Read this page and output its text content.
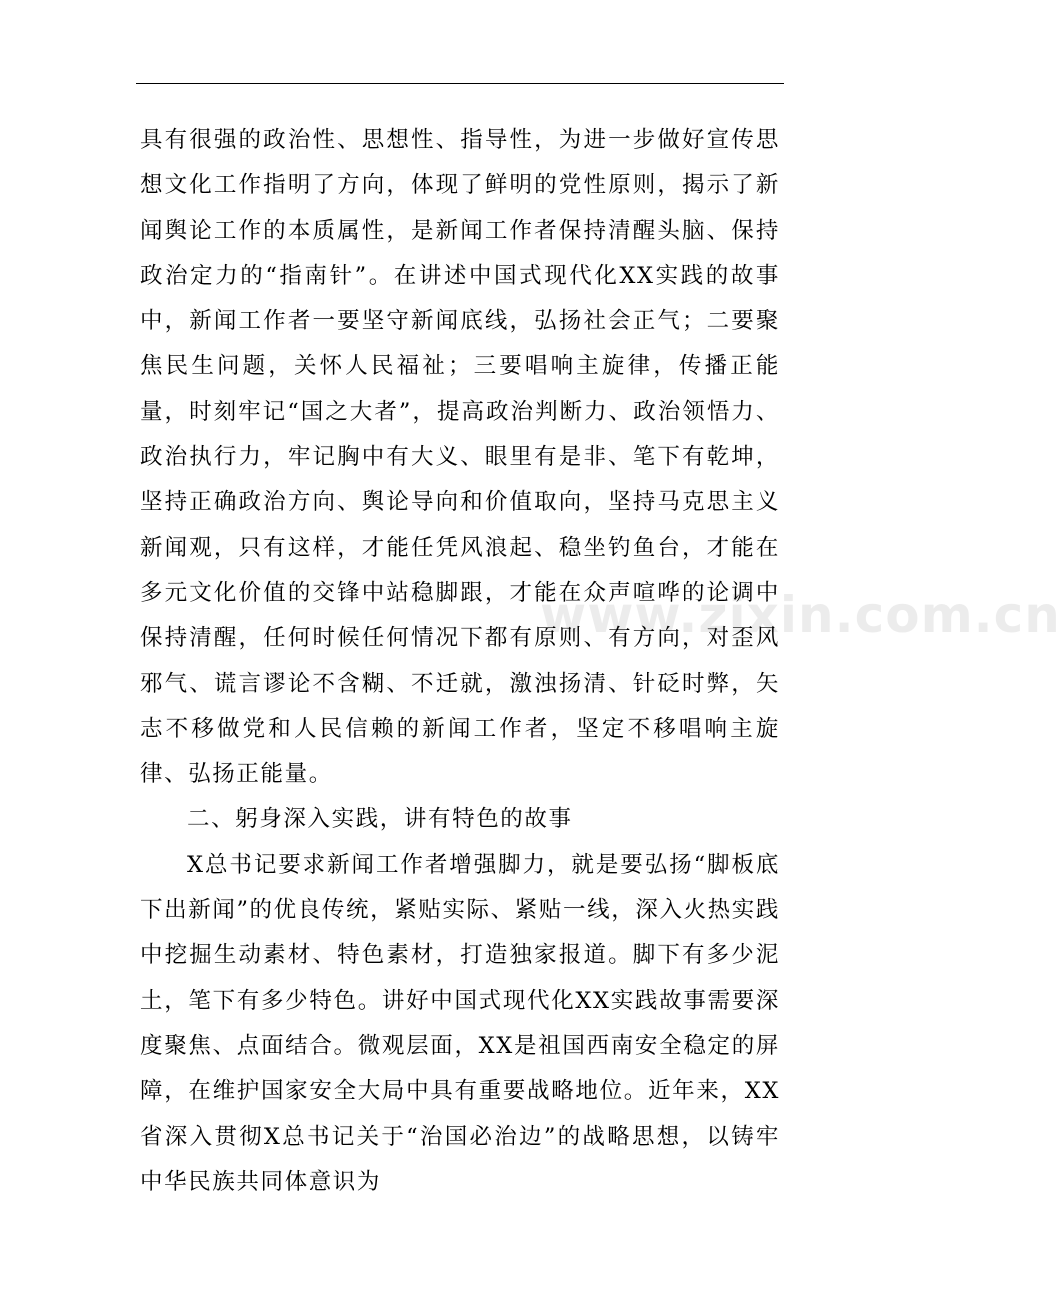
具有很强的政治性、思想性、指导性，为进一步做好宣传思想文化工作指明了方向，体现了鲜明的党性原则，揭示了新闻舆论工作的本质属性，是新闻工作者保持清醒头脑、保持政治定力的“指南针”。在讲述中国式现代化XX实践的故事中，新闻工作者一要坚守新闻底线，弘扬社会正气；二要聚焦民生问题，关怀人民福祉；三要唱响主旋律，传播正能量，时刻牢记“国之大者”，提高政治判断力、政治领悟力、政治执行力，牢记胸中有大义、眼里有是非、笔下有乾坤，坚持正确政治方向、舆论导向和价值取向，坚持马克思主义新闻观，只有这样，才能任凭风浪起、稳坐钓鱼台，才能在多元文化价值的交锋中站稳脚跟，才能在众声喧哗的论调中保持清醒，任何时候任何情况下都有原则、有方向，对歪风邪气、谎言谬论不含糊、不迁就，激浊扬清、针砭时弊，矢志不移做党和人民信赖的新闻工作者，坚定不移唱响主旋律、弘扬正能量。

二、躬身深入实践，讲有特色的故事

X总书记要求新闻工作者增强脚力，就是要弘扬“脚板底下出新闻”的优良传统，紧贴实际、紧贴一线，深入火热实践中挖掘生动素材、特色素材，打造独家报道。脚下有多少泥土，笔下有多少特色。讲好中国式现代化XX实践故事需要深度聚焦、点面结合。微观层面，XX是祖国西南安全稳定的屏障，在维护国家安全大局中具有重要战略地位。近年来，XX省深入贯彻X总书记关于“治国必治边”的战略思想，以铸牢中华民族共同体意识为

www.zixin.com.cn
